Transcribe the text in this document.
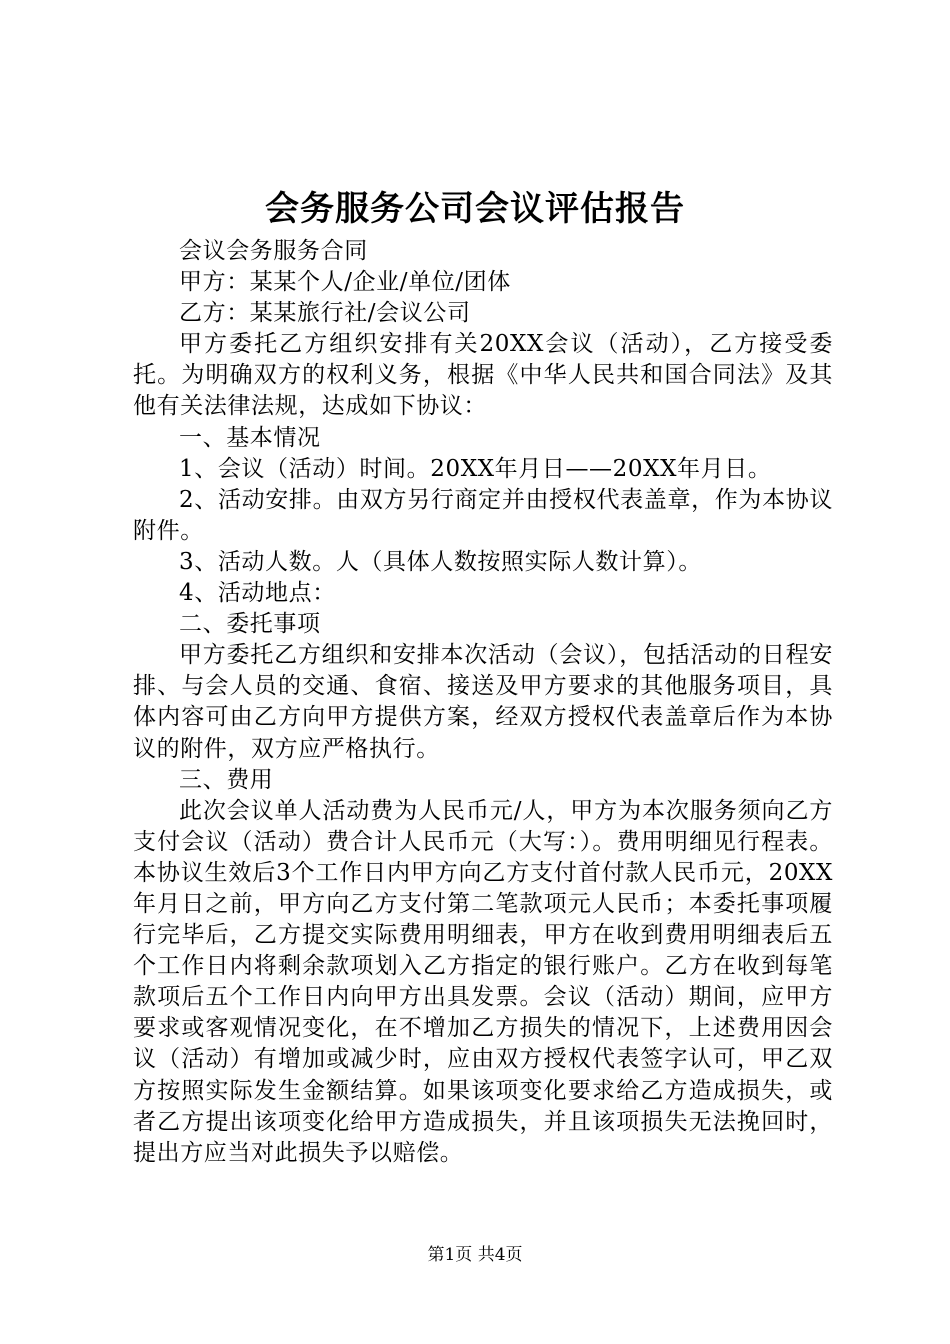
会务服务公司会议评估报告

会议会务服务合同

甲方：某某个人/企业/单位/团体

乙方：某某旅行社/会议公司

甲方委托乙方组织安排有关20XX会议（活动），乙方接受委托。为明确双方的权利义务，根据《中华人民共和国合同法》及其他有关法律法规，达成如下协议：

一、基本情况

1、会议（活动）时间。20XX年月日——20XX年月日。

2、活动安排。由双方另行商定并由授权代表盖章，作为本协议附件。

3、活动人数。人（具体人数按照实际人数计算）。

4、活动地点：

二、委托事项

甲方委托乙方组织和安排本次活动（会议），包括活动的日程安排、与会人员的交通、食宿、接送及甲方要求的其他服务项目，具体内容可由乙方向甲方提供方案，经双方授权代表盖章后作为本协议的附件，双方应严格执行。

三、费用

此次会议单人活动费为人民币元/人，甲方为本次服务须向乙方支付会议（活动）费合计人民币元（大写：）。费用明细见行程表。本协议生效后3个工作日内甲方向乙方支付首付款人民币元，20XX年月日之前，甲方向乙方支付第二笔款项元人民币；本委托事项履行完毕后，乙方提交实际费用明细表，甲方在收到费用明细表后五个工作日内将剩余款项划入乙方指定的银行账户。乙方在收到每笔款项后五个工作日内向甲方出具发票。会议（活动）期间，应甲方要求或客观情况变化，在不增加乙方损失的情况下，上述费用因会议（活动）有增加或减少时，应由双方授权代表签字认可，甲乙双方按照实际发生金额结算。如果该项变化要求给乙方造成损失，或者乙方提出该项变化给甲方造成损失，并且该项损失无法挽回时，提出方应当对此损失予以赔偿。

第1页 共4页
